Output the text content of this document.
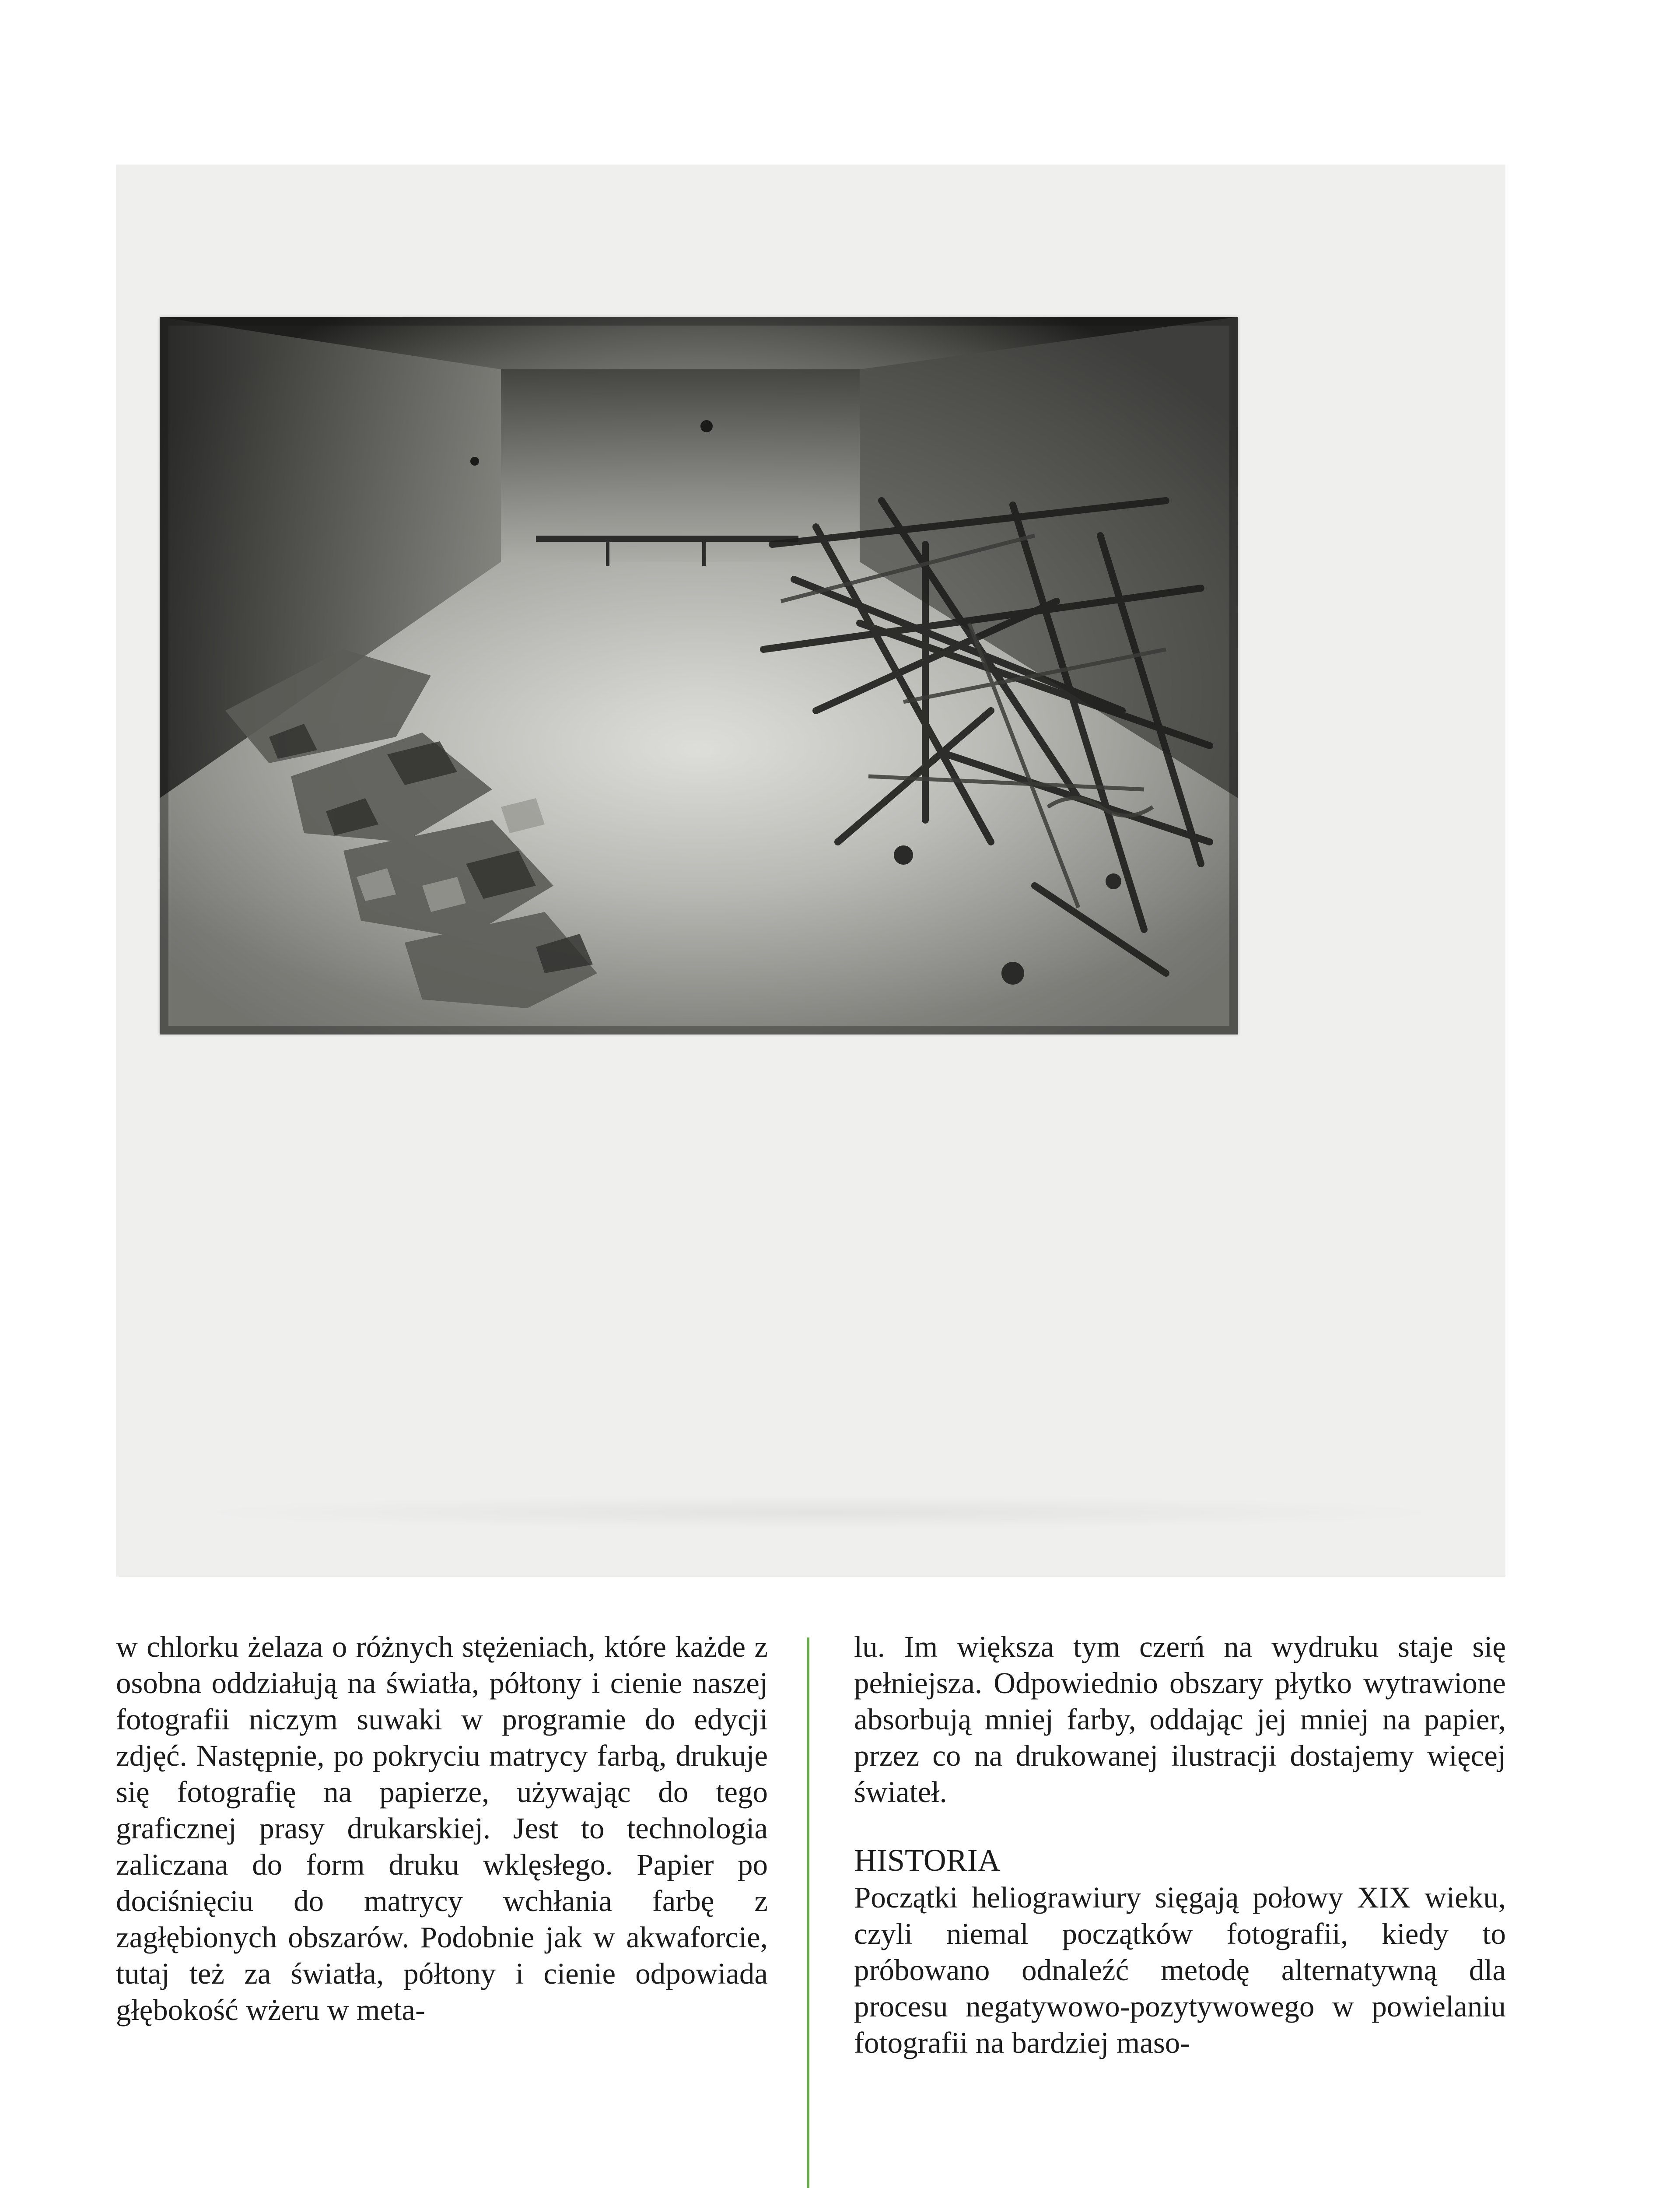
w chlorku żelaza o różnych stężeniach, które każde z osobna oddziałują na światła, półtony i cienie naszej fotografii niczym suwaki w programie do edycji zdjęć. Następnie, po pokryciu matrycy farbą, drukuje się fotografię na papierze, używając do tego graficznej prasy drukarskiej. Jest to technologia zaliczana do form druku wklęsłego. Papier po dociśnięciu do matrycy wchłania farbę z zagłębionych obszarów. Podobnie jak w akwaforcie, tutaj też za światła, półtony i cienie odpowiada głębokość wżeru w meta-

lu. Im większa tym czerń na wydruku staje się pełniejsza. Odpowiednio obszary płytko wytrawione absorbują mniej farby, oddając jej mniej na papier, przez co na drukowanej ilustracji dostajemy więcej świateł.

HISTORIA

Początki heliograwiury sięgają połowy XIX wieku, czyli niemal początków fotografii, kiedy to próbowano odnaleźć metodę alternatywną dla procesu negatywowo-pozytywowego w powielaniu fotografii na bardziej maso-
